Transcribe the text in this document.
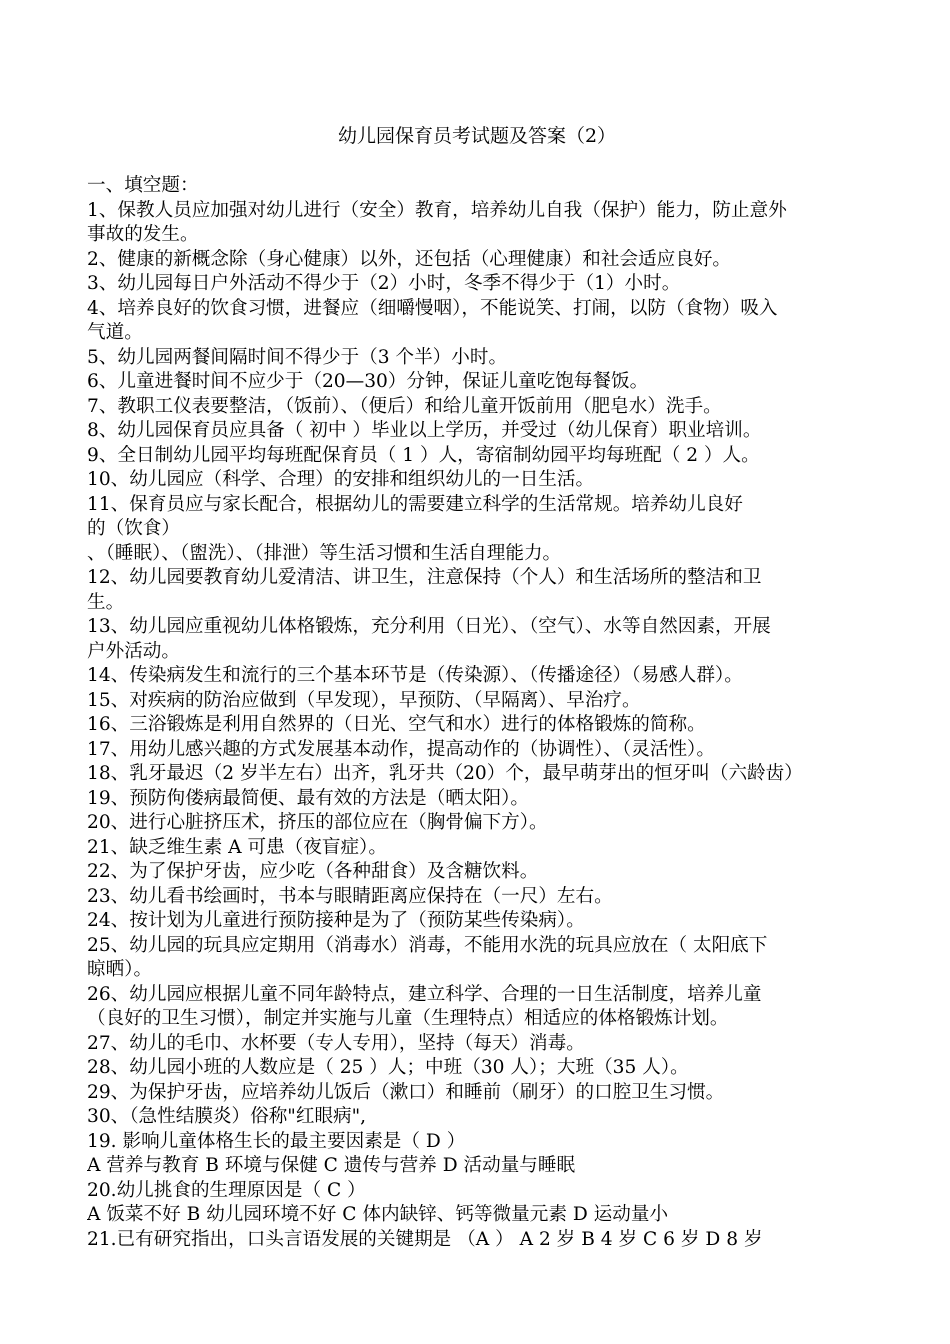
幼儿园保育员考试题及答案（2）
一、填空题：
1、保教人员应加强对幼儿进行（安全）教育，培养幼儿自我（保护）能力，防止意外
事故的发生。
2、健康的新概念除（身心健康）以外，还包括（心理健康）和社会适应良好。
3、幼儿园每日户外活动不得少于（2）小时，冬季不得少于（1）小时。
4、培养良好的饮食习惯，进餐应（细嚼慢咽），不能说笑、打闹，以防（食物）吸入
气道。
5、幼儿园两餐间隔时间不得少于（3 个半）小时。
6、儿童进餐时间不应少于（20—30）分钟，保证儿童吃饱每餐饭。
7、教职工仪表要整洁，（饭前）、（便后）和给儿童开饭前用（肥皂水）洗手。
8、幼儿园保育员应具备（ 初中 ）毕业以上学历，并受过（幼儿保育）职业培训。
9、全日制幼儿园平均每班配保育员（ 1 ）人，寄宿制幼园平均每班配（ 2 ）人。
10、幼儿园应（科学、合理）的安排和组织幼儿的一日生活。
11、保育员应与家长配合，根据幼儿的需要建立科学的生活常规。培养幼儿良好
的（饮食）
、（睡眠）、（盥洗）、（排泄）等生活习惯和生活自理能力。
12、幼儿园要教育幼儿爱清洁、讲卫生，注意保持（个人）和生活场所的整洁和卫
生。
13、幼儿园应重视幼儿体格锻炼，充分利用（日光）、（空气）、水等自然因素，开展
户外活动。
14、传染病发生和流行的三个基本环节是（传染源）、（传播途径）（易感人群）。
15、对疾病的防治应做到（早发现），早预防、（早隔离）、早治疗。
16、三浴锻炼是利用自然界的（日光、空气和水）进行的体格锻炼的简称。
17、用幼儿感兴趣的方式发展基本动作，提高动作的（协调性）、（灵活性）。
18、乳牙最迟（2 岁半左右）出齐，乳牙共（20）个，最早萌芽出的恒牙叫（六龄齿）
19、预防佝偻病最简便、最有效的方法是（晒太阳）。
20、进行心脏挤压术，挤压的部位应在（胸骨偏下方）。
21、缺乏维生素 A 可患（夜盲症）。
22、为了保护牙齿，应少吃（各种甜食）及含糖饮料。
23、幼儿看书绘画时，书本与眼睛距离应保持在（一尺）左右。
24、按计划为儿童进行预防接种是为了（预防某些传染病）。
25、幼儿园的玩具应定期用（消毒水）消毒，不能用水洗的玩具应放在（ 太阳底下
晾晒）。
26、幼儿园应根据儿童不同年龄特点，建立科学、合理的一日生活制度，培养儿童
（良好的卫生习惯），制定并实施与儿童（生理特点）相适应的体格锻炼计划。
27、幼儿的毛巾、水杯要（专人专用），坚持（每天）消毒。
28、幼儿园小班的人数应是（ 25 ）人；中班（30 人）；大班（35 人）。
29、为保护牙齿，应培养幼儿饭后（漱口）和睡前（刷牙）的口腔卫生习惯。
30、（急性结膜炎）俗称"红眼病",
19. 影响儿童体格生长的最主要因素是（ D ）
A 营养与教育 B 环境与保健 C 遗传与营养 D 活动量与睡眠
20.幼儿挑食的生理原因是（ C ）
A 饭菜不好 B 幼儿园环境不好 C 体内缺锌、钙等微量元素 D 运动量小
21.已有研究指出，口头言语发展的关键期是 （A ） A 2 岁 B 4 岁 C 6 岁 D 8 岁
